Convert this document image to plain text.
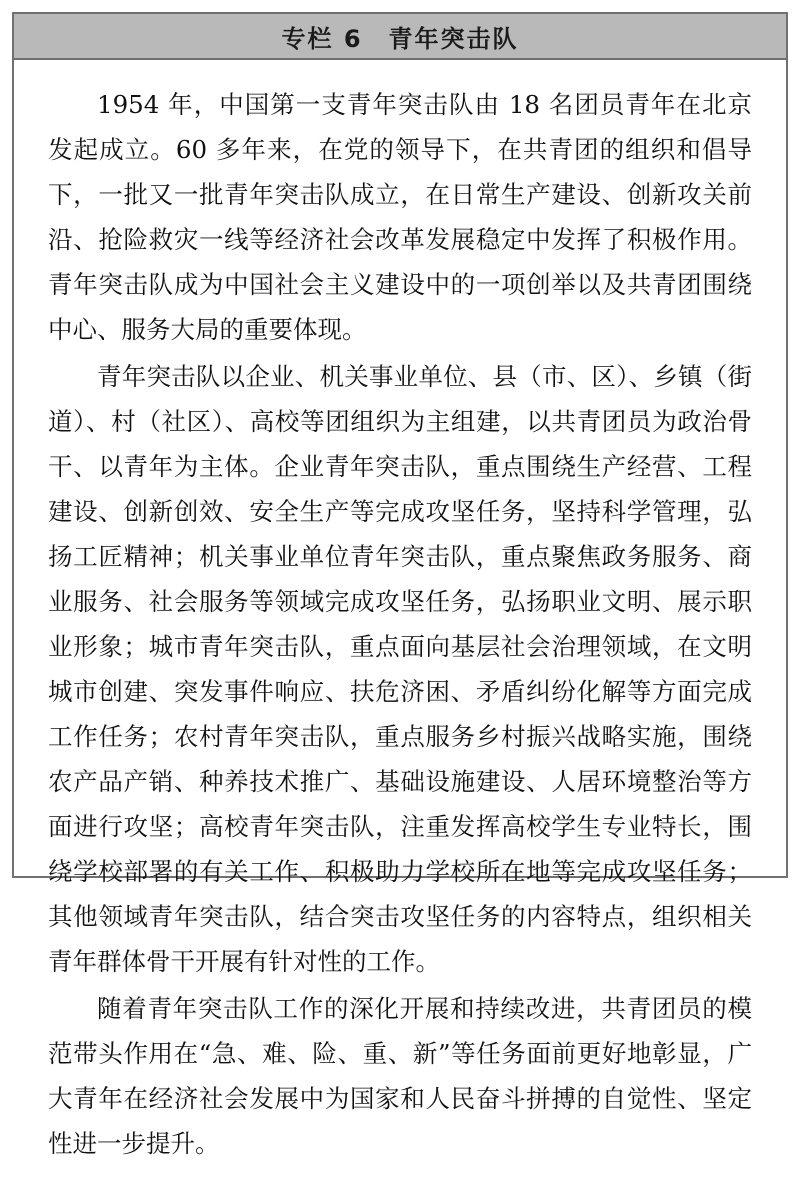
专栏 6　青年突击队

1954 年，中国第一支青年突击队由 18 名团员青年在北京发起成立。60 多年来，在党的领导下，在共青团的组织和倡导下，一批又一批青年突击队成立，在日常生产建设、创新攻关前沿、抢险救灾一线等经济社会改革发展稳定中发挥了积极作用。青年突击队成为中国社会主义建设中的一项创举以及共青团围绕中心、服务大局的重要体现。

青年突击队以企业、机关事业单位、县（市、区）、乡镇（街道）、村（社区）、高校等团组织为主组建，以共青团员为政治骨干、以青年为主体。企业青年突击队，重点围绕生产经营、工程建设、创新创效、安全生产等完成攻坚任务，坚持科学管理，弘扬工匠精神；机关事业单位青年突击队，重点聚焦政务服务、商业服务、社会服务等领域完成攻坚任务，弘扬职业文明、展示职业形象；城市青年突击队，重点面向基层社会治理领域，在文明城市创建、突发事件响应、扶危济困、矛盾纠纷化解等方面完成工作任务；农村青年突击队，重点服务乡村振兴战略实施，围绕农产品产销、种养技术推广、基础设施建设、人居环境整治等方面进行攻坚；高校青年突击队，注重发挥高校学生专业特长，围绕学校部署的有关工作、积极助力学校所在地等完成攻坚任务；其他领域青年突击队，结合突击攻坚任务的内容特点，组织相关青年群体骨干开展有针对性的工作。

随着青年突击队工作的深化开展和持续改进，共青团员的模范带头作用在“急、难、险、重、新”等任务面前更好地彰显，广大青年在经济社会发展中为国家和人民奋斗拼搏的自觉性、坚定性进一步提升。
